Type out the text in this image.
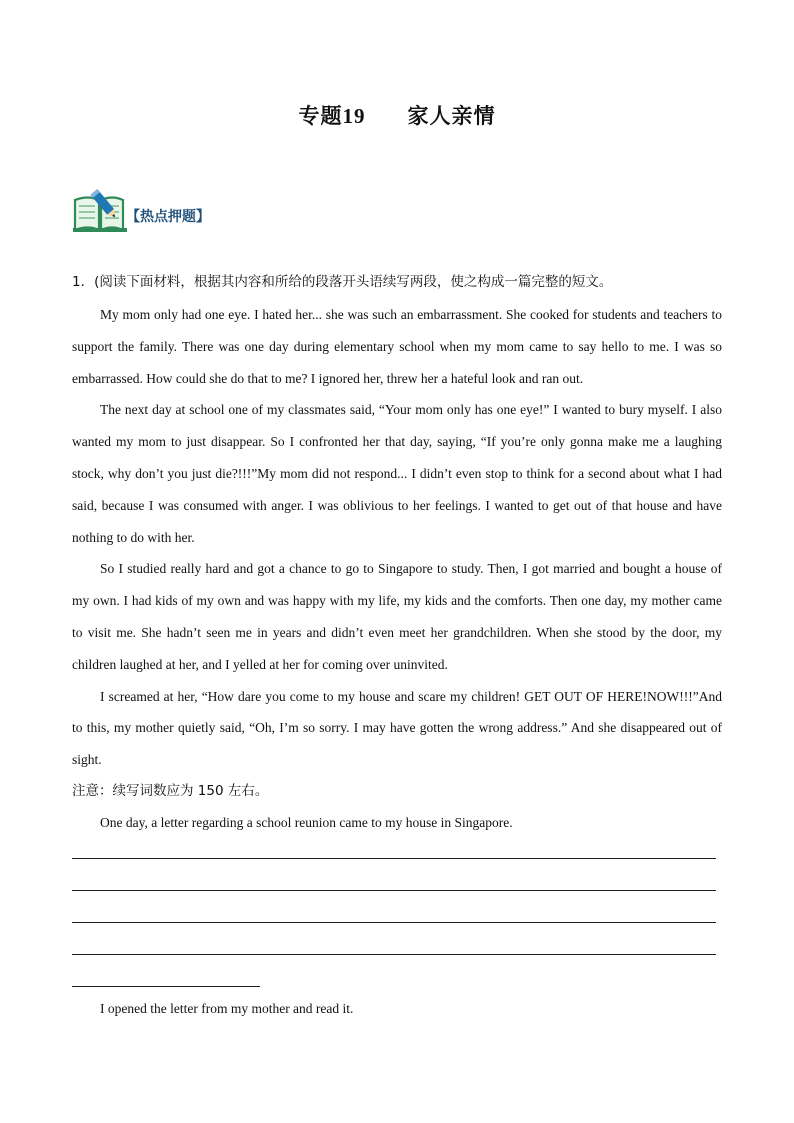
专题19 家人亲情
【热点押题】

1．(阅读下面材料，根据其内容和所给的段落开头语续写两段，使之构成一篇完整的短文。

My mom only had one eye. I hated her... she was such an embarrassment. She cooked for students and teachers to support the family. There was one day during elementary school when my mom came to say hello to me. I was so embarrassed. How could she do that to me? I ignored her, threw her a hateful look and ran out.

The next day at school one of my classmates said, “Your mom only has one eye!” I wanted to bury myself. I also wanted my mom to just disappear. So I confronted her that day, saying, “If you’re only gonna make me a laughing stock, why don’t you just die?!!!”My mom did not respond... I didn’t even stop to think for a second about what I had said, because I was consumed with anger. I was oblivious to her feelings. I wanted to get out of that house and have nothing to do with her.

So I studied really hard and got a chance to go to Singapore to study. Then, I got married and bought a house of my own. I had kids of my own and was happy with my life, my kids and the comforts. Then one day, my mother came to visit me. She hadn’t seen me in years and didn’t even meet her grandchildren. When she stood by the door, my children laughed at her, and I yelled at her for coming over uninvited.

I screamed at her, “How dare you come to my house and scare my children! GET OUT OF HERE!NOW!!!”And to this, my mother quietly said, “Oh, I’m so sorry. I may have gotten the wrong address.” And she disappeared out of sight.

注意：续写词数应为 150 左右。

One day, a letter regarding a school reunion came to my house in Singapore.

I opened the letter from my mother and read it.
